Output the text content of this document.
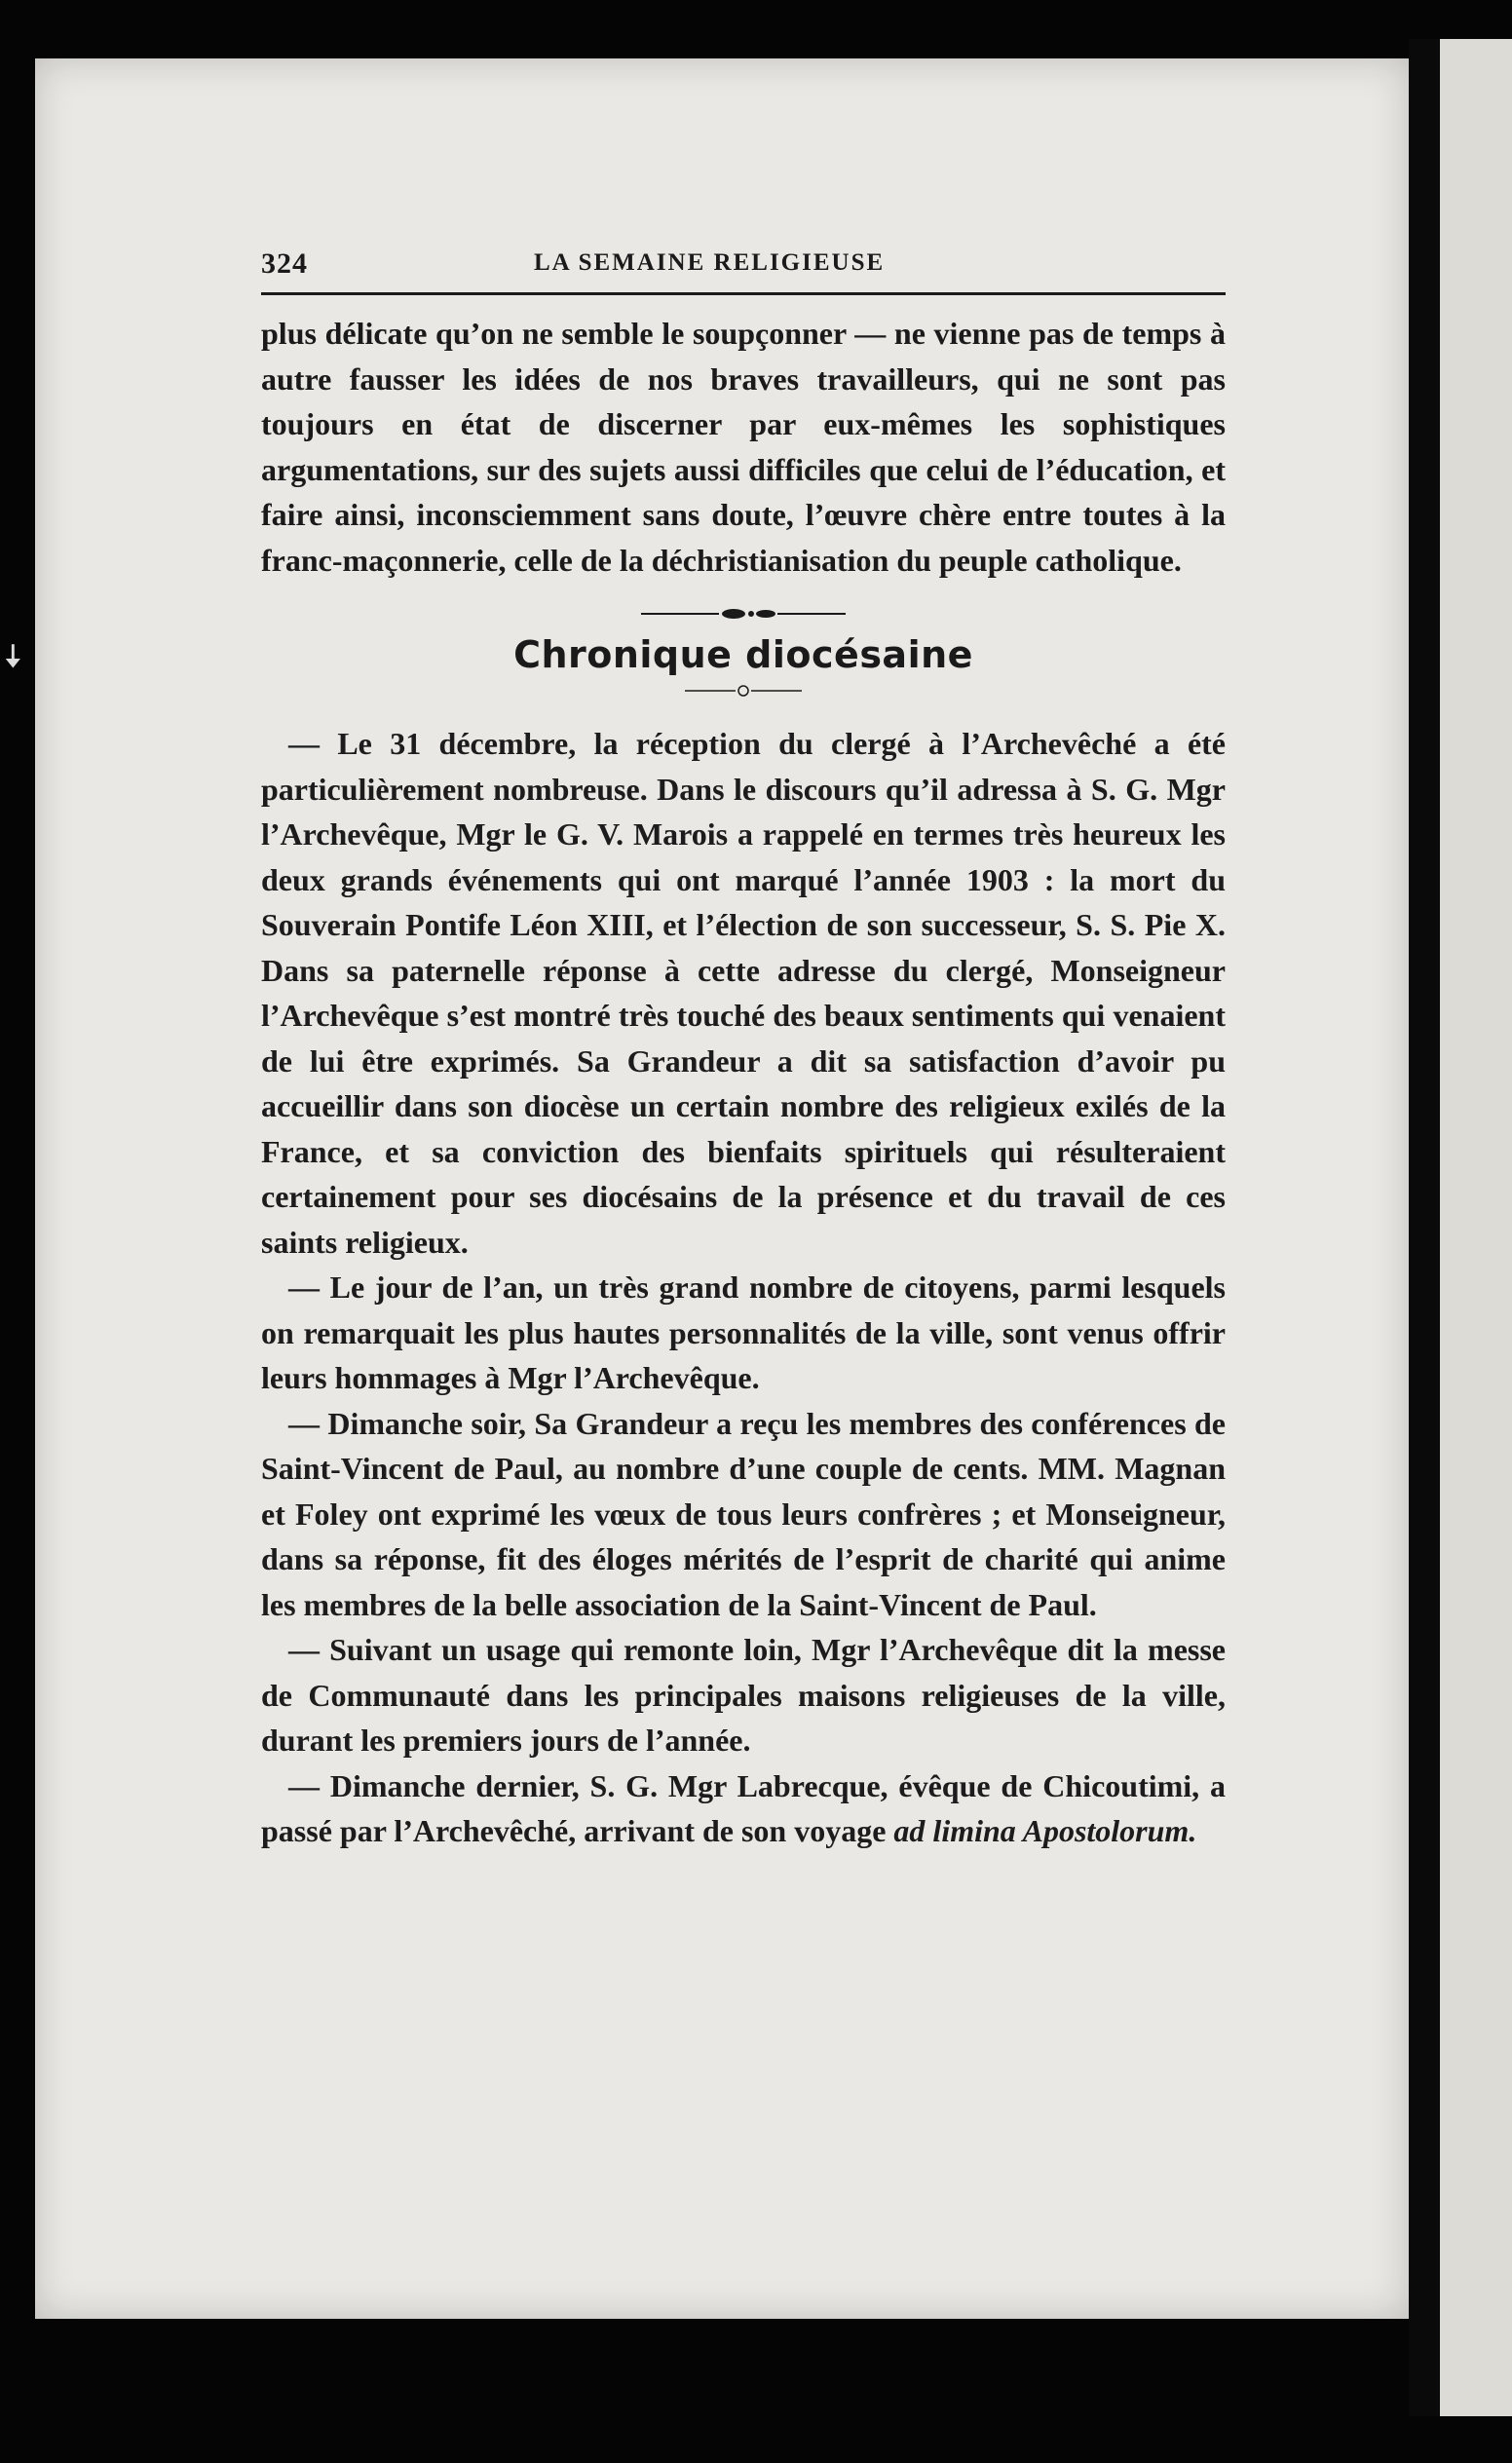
🠇
324	LA SEMAINE RELIGIEUSE

plus délicate qu’on ne semble le soupçonner — ne vienne pas de temps à autre fausser les idées de nos braves travailleurs, qui ne sont pas toujours en état de discerner par eux-mêmes les sophistiques argumentations, sur des sujets aussi difficiles que celui de l’éducation, et faire ainsi, inconsciemment sans doute, l’œuvre chère entre toutes à la franc-maçonnerie, celle de la déchristianisation du peuple catholique.

Chronique diocésaine

— Le 31 décembre, la réception du clergé à l’Archevêché a été particulièrement nombreuse. Dans le discours qu’il adressa à S. G. Mgr l’Archevêque, Mgr le G. V. Marois a rappelé en termes très heureux les deux grands événements qui ont marqué l’année 1903 : la mort du Souverain Pontife Léon XIII, et l’élection de son successeur, S. S. Pie X. Dans sa paternelle réponse à cette adresse du clergé, Monseigneur l’Archevêque s’est montré très touché des beaux sentiments qui venaient de lui être exprimés. Sa Grandeur a dit sa satisfaction d’avoir pu accueillir dans son diocèse un certain nombre des religieux exilés de la France, et sa conviction des bienfaits spirituels qui résulteraient certainement pour ses diocésains de la présence et du travail de ces saints religieux.

— Le jour de l’an, un très grand nombre de citoyens, parmi lesquels on remarquait les plus hautes personnalités de la ville, sont venus offrir leurs hommages à Mgr l’Archevêque.

— Dimanche soir, Sa Grandeur a reçu les membres des conférences de Saint-Vincent de Paul, au nombre d’une couple de cents. MM. Magnan et Foley ont exprimé les vœux de tous leurs confrères ; et Monseigneur, dans sa réponse, fit des éloges mérités de l’esprit de charité qui anime les membres de la belle association de la Saint-Vincent de Paul.

— Suivant un usage qui remonte loin, Mgr l’Archevêque dit la messe de Communauté dans les principales maisons religieuses de la ville, durant les premiers jours de l’année.

— Dimanche dernier, S. G. Mgr Labrecque, évêque de Chicoutimi, a passé par l’Archevêché, arrivant de son voyage ad limina Apostolorum.
